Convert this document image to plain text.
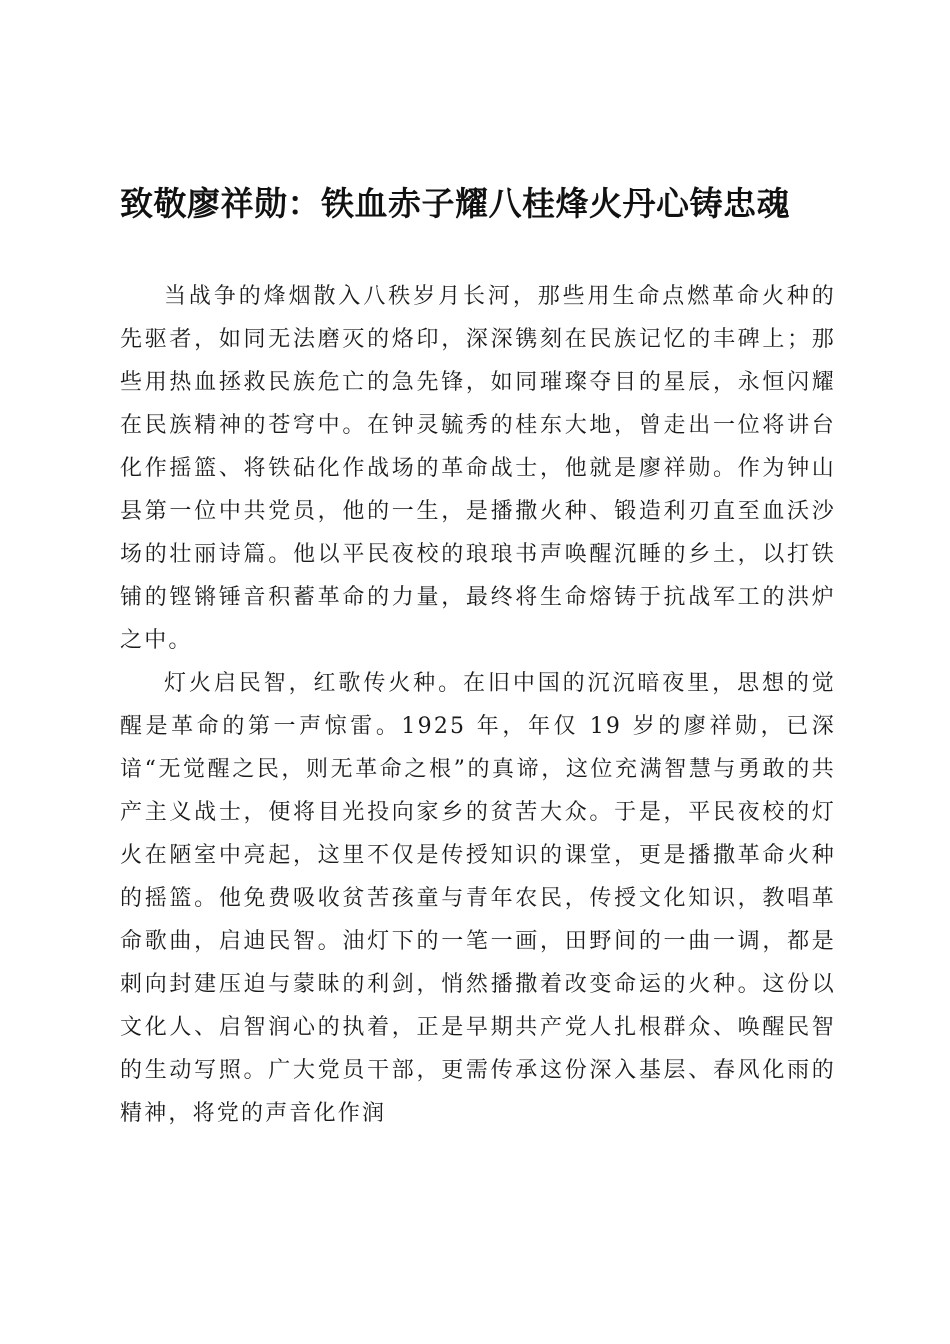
致敬廖祥勋：铁血赤子耀八桂烽火丹心铸忠魂

当战争的烽烟散入八秩岁月长河，那些用生命点燃革命火种的先驱者，如同无法磨灭的烙印，深深镌刻在民族记忆的丰碑上；那些用热血拯救民族危亡的急先锋，如同璀璨夺目的星辰，永恒闪耀在民族精神的苍穹中。在钟灵毓秀的桂东大地，曾走出一位将讲台化作摇篮、将铁砧化作战场的革命战士，他就是廖祥勋。作为钟山县第一位中共党员，他的一生，是播撒火种、锻造利刃直至血沃沙场的壮丽诗篇。他以平民夜校的琅琅书声唤醒沉睡的乡土，以打铁铺的铿锵锤音积蓄革命的力量，最终将生命熔铸于抗战军工的洪炉之中。

灯火启民智，红歌传火种。在旧中国的沉沉暗夜里，思想的觉醒是革命的第一声惊雷。1925 年，年仅 19 岁的廖祥勋，已深谙“无觉醒之民，则无革命之根”的真谛，这位充满智慧与勇敢的共产主义战士，便将目光投向家乡的贫苦大众。于是，平民夜校的灯火在陋室中亮起，这里不仅是传授知识的课堂，更是播撒革命火种的摇篮。他免费吸收贫苦孩童与青年农民，传授文化知识，教唱革命歌曲，启迪民智。油灯下的一笔一画，田野间的一曲一调，都是刺向封建压迫与蒙昧的利剑，悄然播撒着改变命运的火种。这份以文化人、启智润心的执着，正是早期共产党人扎根群众、唤醒民智的生动写照。广大党员干部，更需传承这份深入基层、春风化雨的精神，将党的声音化作润
